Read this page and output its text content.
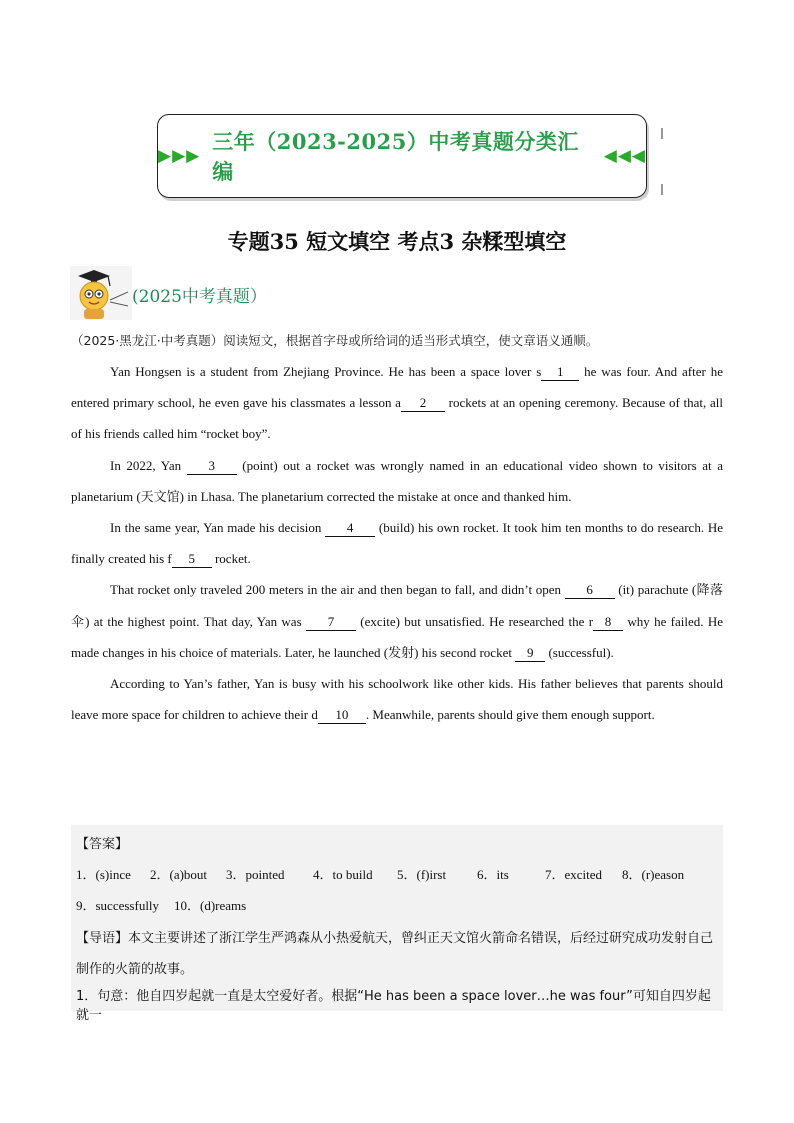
▶▶▶
三年（2023-2025）中考真题分类汇编
◀◀◀
专题35 短文填空 考点3 杂糅型填空
(2025中考真题）
（2025·黑龙江·中考真题）阅读短文，根据首字母或所给词的适当形式填空，使文章语义通顺。

Yan Hongsen is a student from Zhejiang Province. He has been a space lover s 1 he was four. And after he entered primary school, he even gave his classmates a lesson a 2 rockets at an opening ceremony. Because of that, all of his friends called him “rocket boy”.

In 2022, Yan 3 (point) out a rocket was wrongly named in an educational video shown to visitors at a planetarium (天文馆) in Lhasa. The planetarium corrected the mistake at once and thanked him.

In the same year, Yan made his decision 4 (build) his own rocket. It took him ten months to do research. He finally created his f 5 rocket.

That rocket only traveled 200 meters in the air and then began to fall, and didn’t open 6 (it) parachute (降落伞) at the highest point. That day, Yan was 7 (excite) but unsatisfied. He researched the r 8 why he failed. He made changes in his choice of materials. Later, he launched (发射) his second rocket 9 (successful).

According to Yan’s father, Yan is busy with his schoolwork like other kids. His father believes that parents should leave more space for children to achieve their d 10 . Meanwhile, parents should give them enough support.

【答案】
1．(s)ince	2．(a)bout	3．pointed	4．to build	5．(f)irst	6．its	7．excited	8．(r)eason
9．successfully	10．(d)reams
【导语】本文主要讲述了浙江学生严鸿森从小热爱航天，曾纠正天文馆火箭命名错误，后经过研究成功发射自己制作的火箭的故事。
1．句意：他自四岁起就一直是太空爱好者。根据“He has been a space lover…he was four”可知自四岁起就一
